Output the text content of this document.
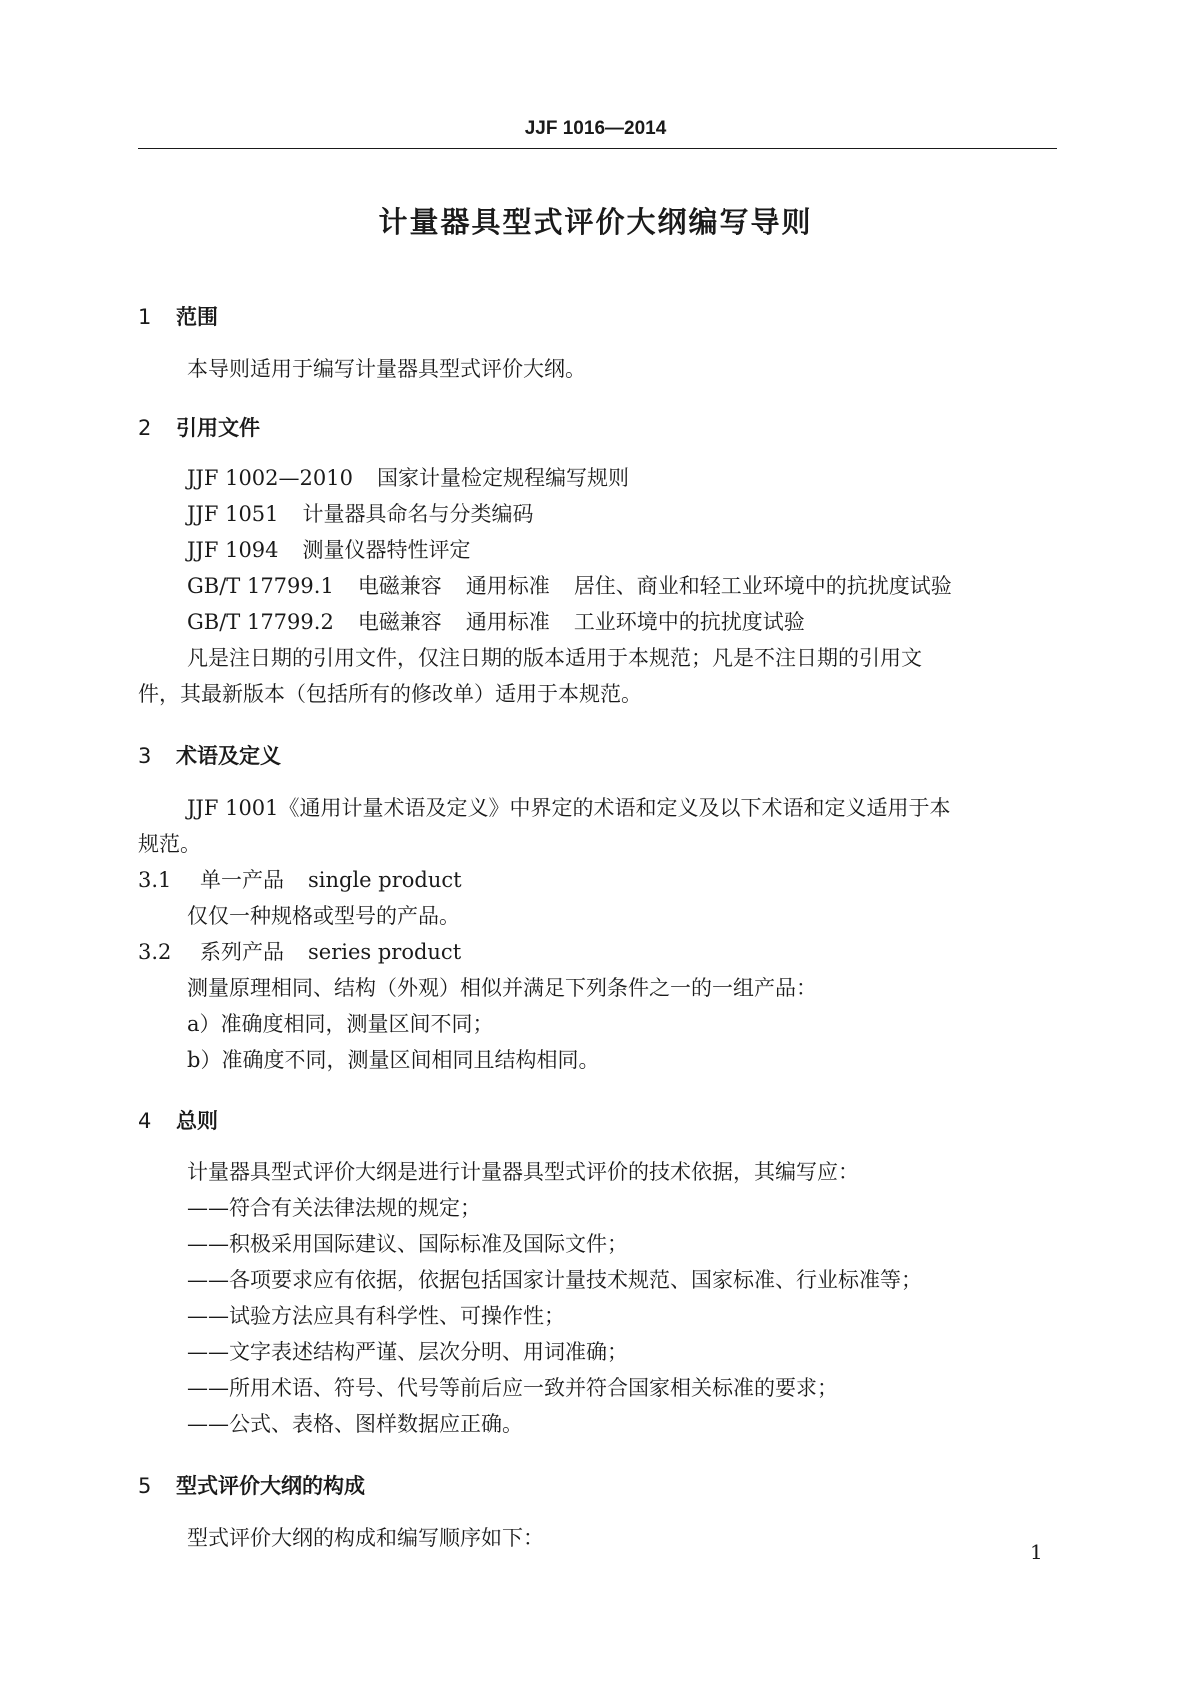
JJF 1016—2014
计量器具型式评价大纲编写导则
1 范围
本导则适用于编写计量器具型式评价大纲。
2 引用文件
JJF 1002—2010 国家计量检定规程编写规则
JJF 1051 计量器具命名与分类编码
JJF 1094 测量仪器特性评定
GB/T 17799.1 电磁兼容 通用标准 居住、商业和轻工业环境中的抗扰度试验
GB/T 17799.2 电磁兼容 通用标准 工业环境中的抗扰度试验
凡是注日期的引用文件，仅注日期的版本适用于本规范；凡是不注日期的引用文
件，其最新版本（包括所有的修改单）适用于本规范。
3 术语及定义
JJF 1001《通用计量术语及定义》中界定的术语和定义及以下术语和定义适用于本
规范。
3.1 单一产品 single product
仅仅一种规格或型号的产品。
3.2 系列产品 series product
测量原理相同、结构（外观）相似并满足下列条件之一的一组产品：
a）准确度相同，测量区间不同；
b）准确度不同，测量区间相同且结构相同。
4 总则
计量器具型式评价大纲是进行计量器具型式评价的技术依据，其编写应：
——符合有关法律法规的规定；
——积极采用国际建议、国际标准及国际文件；
——各项要求应有依据，依据包括国家计量技术规范、国家标准、行业标准等；
——试验方法应具有科学性、可操作性；
——文字表述结构严谨、层次分明、用词准确；
——所用术语、符号、代号等前后应一致并符合国家相关标准的要求；
——公式、表格、图样数据应正确。
5 型式评价大纲的构成
型式评价大纲的构成和编写顺序如下：
1
